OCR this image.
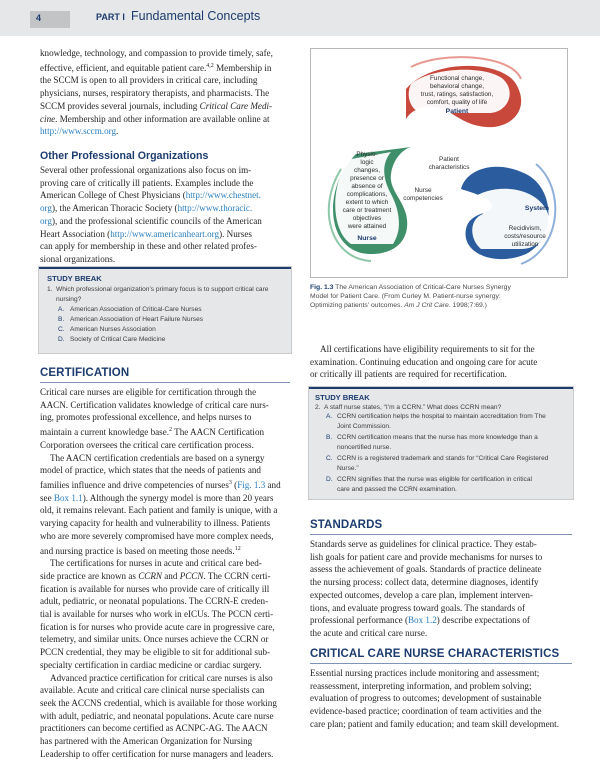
4	PART I Fundamental Concepts
knowledge, technology, and compassion to provide timely, safe,
effective, efficient, and equitable patient care.$^{4,2}$ Membership in
the SCCM is open to all providers in critical care, including
physicians, nurses, respiratory therapists, and pharmacists. The
SCCM provides several journals, including Critical Care Medi-
cine. Membership and other information are available online at
http://www.sccm.org.
Other Professional Organizations
Several other professional organizations also focus on im-
proving care of critically ill patients. Examples include the
American College of Chest Physicians (http://www.chestnet.
org), the American Thoracic Society (http://www.thoracic.
org), and the professional scientific councils of the American
Heart Association (http://www.americanheart.org). Nurses
can apply for membership in these and other related profes-
sional organizations.
STUDY BREAK
1. Which professional organization’s primary focus is to support critical care
nursing?
A. American Association of Critical-Care Nurses
B. American Association of Heart Failure Nurses
C. American Nurses Association
D. Society of Critical Care Medicine
CERTIFICATION
Critical care nurses are eligible for certification through the
AACN. Certification validates knowledge of critical care nurs-
ing, promotes professional excellence, and helps nurses to
maintain a current knowledge base.$^2$ The AACN Certification
Corporation oversees the critical care certification process.
The AACN certification credentials are based on a synergy
model of practice, which states that the needs of patients and
families influence and drive competencies of nurses$^3$ (Fig. 1.3 and
see Box 1.1). Although the synergy model is more than 20 years
old, it remains relevant. Each patient and family is unique, with a
varying capacity for health and vulnerability to illness. Patients
who are more severely compromised have more complex needs,
and nursing practice is based on meeting those needs.$^{12}$
The certifications for nurses in acute and critical care bed-
side practice are known as CCRN and PCCN. The CCRN certi-
fication is available for nurses who provide care of critically ill
adult, pediatric, or neonatal populations. The CCRN-E creden-
tial is available for nurses who work in eICUs. The PCCN certi-
fication is for nurses who provide acute care in progressive care,
telemetry, and similar units. Once nurses achieve the CCRN or
PCCN credential, they may be eligible to sit for additional sub-
specialty certification in cardiac medicine or cardiac surgery.
Advanced practice certification for critical care nurses is also
available. Acute and critical care clinical nurse specialists can
seek the ACCNS credential, which is available for those working
with adult, pediatric, and neonatal populations. Acute care nurse
practitioners can become certified as ACNPC-AG. The AACN
has partnered with the American Organization for Nursing
Leadership to offer certification for nurse managers and leaders.
Functional change,
behavioral change,
trust, ratings, satisfaction,
comfort, quality of life
Patient
Physio-
logic
changes,
presence or
absence of
complications,
extent to which
care or treatment
objectives
were attained
Nurse
Patient
characteristics
Nurse
competencies
System
Recidivism,
costs/resource
utilization
Fig. 1.3 The American Association of Critical-Care Nurses Synergy
Model for Patient Care. (From Curley M. Patient-nurse synergy:
Optimizing patients’ outcomes. Am J Crit Care. 1998;7:69.)
All certifications have eligibility requirements to sit for the
examination. Continuing education and ongoing care for acute
or critically ill patients are required for recertification.
STUDY BREAK
2. A staff nurse states, “I’m a CCRN.” What does CCRN mean?
A. CCRN certification helps the hospital to maintain accreditation from The
Joint Commission.
B. CCRN certification means that the nurse has more knowledge than a
noncertified nurse.
C. CCRN is a registered trademark and stands for “Critical Care Registered
Nurse.”
D. CCRN signifies that the nurse was eligible for certification in critical
care and passed the CCRN examination.
STANDARDS
Standards serve as guidelines for clinical practice. They estab-
lish goals for patient care and provide mechanisms for nurses to
assess the achievement of goals. Standards of practice delineate
the nursing process: collect data, determine diagnoses, identify
expected outcomes, develop a care plan, implement interven-
tions, and evaluate progress toward goals. The standards of
professional performance (Box 1.2) describe expectations of
the acute and critical care nurse.
CRITICAL CARE NURSE CHARACTERISTICS
Essential nursing practices include monitoring and assessment;
reassessment, interpreting information, and problem solving;
evaluation of progress to outcomes; development of sustainable
evidence-based practice; coordination of team activities and the
care plan; patient and family education; and team skill development.
